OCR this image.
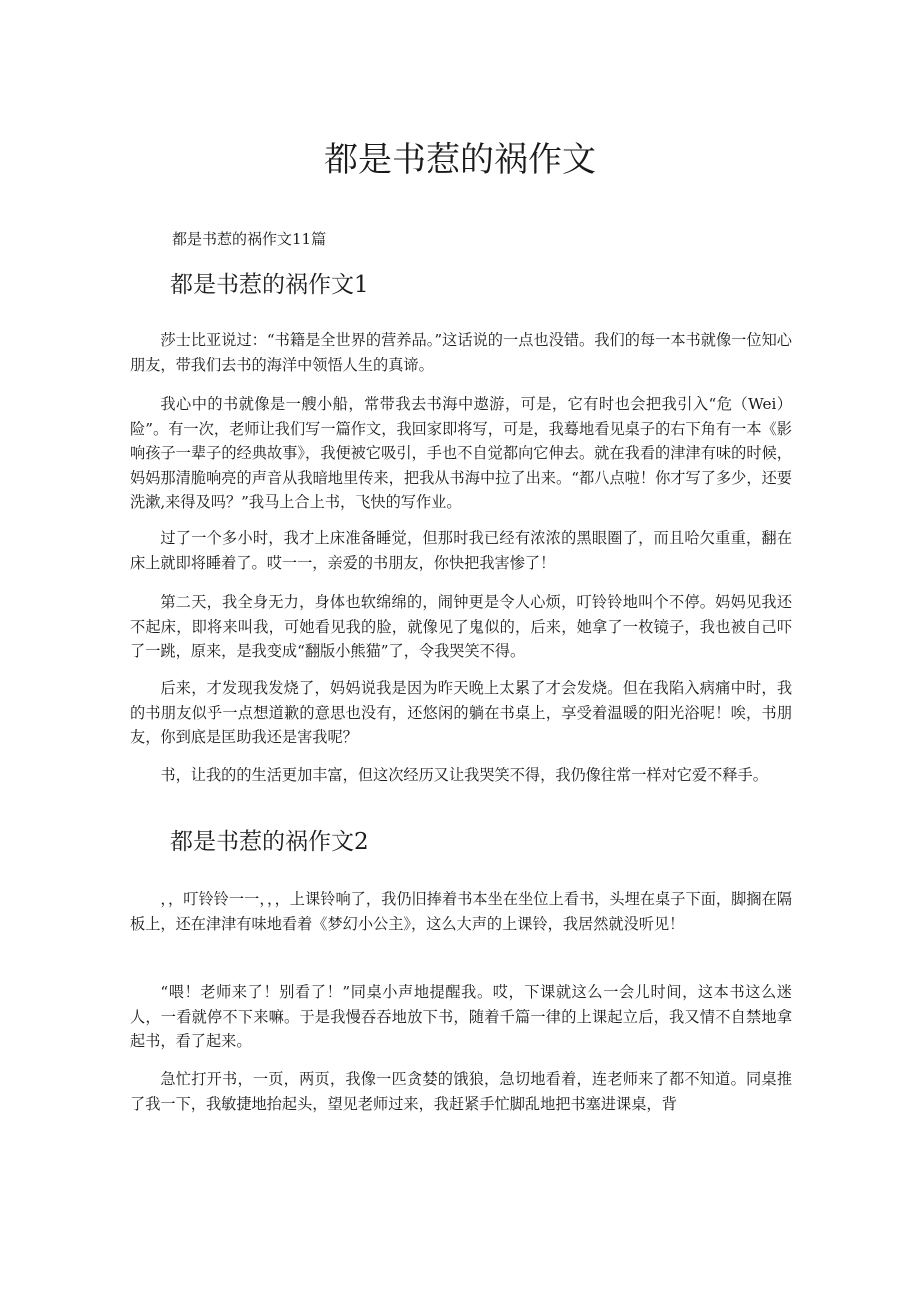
都是书惹的祸作文

都是书惹的祸作文11篇

都是书惹的祸作文1

莎士比亚说过：“书籍是全世界的营养品。”这话说的一点也没错。我们的每一本书就像一位知心朋友，带我们去书的海洋中领悟人生的真谛。

我心中的书就像是一艘小船，常带我去书海中遨游，可是，它有时也会把我引入“危（Wei）险”。有一次，老师让我们写一篇作文，我回家即将写，可是，我蓦地看见桌子的右下角有一本《影响孩子一辈子的经典故事》，我便被它吸引，手也不自觉都向它伸去。就在我看的津津有味的时候，妈妈那清脆响亮的声音从我暗地里传来，把我从书海中拉了出来。“都八点啦！你才写了多少，还要洗漱,来得及吗？”我马上合上书，飞快的写作业。

过了一个多小时，我才上床准备睡觉，但那时我已经有浓浓的黑眼圈了，而且哈欠重重，翻在床上就即将睡着了。哎一一，亲爱的书朋友，你快把我害惨了！

第二天，我全身无力，身体也软绵绵的，闹钟更是令人心烦，叮铃铃地叫个不停。妈妈见我还不起床，即将来叫我，可她看见我的脸，就像见了鬼似的，后来，她拿了一枚镜子，我也被自己吓了一跳，原来，是我变成“翻版小熊猫”了，令我哭笑不得。

后来，才发现我发烧了，妈妈说我是因为昨天晚上太累了才会发烧。但在我陷入病痛中时，我的书朋友似乎一点想道歉的意思也没有，还悠闲的躺在书桌上，享受着温暖的阳光浴呢！唉，书朋友，你到底是匡助我还是害我呢？

书，让我的的生活更加丰富，但这次经历又让我哭笑不得，我仍像往常一样对它爱不释手。

都是书惹的祸作文2

，，叮铃铃一一，，，上课铃响了，我仍旧捧着书本坐在坐位上看书，头埋在桌子下面，脚搁在隔板上，还在津津有味地看着《梦幻小公主》，这么大声的上课铃，我居然就没听见！

“喂！老师来了！别看了！”同桌小声地提醒我。哎，下课就这么一会儿时间，这本书这么迷人，一看就停不下来嘛。于是我慢吞吞地放下书，随着千篇一律的上课起立后，我又情不自禁地拿起书，看了起来。

急忙打开书，一页，两页，我像一匹贪婪的饿狼，急切地看着，连老师来了都不知道。同桌推了我一下，我敏捷地抬起头，望见老师过来，我赶紧手忙脚乱地把书塞进课桌，背
